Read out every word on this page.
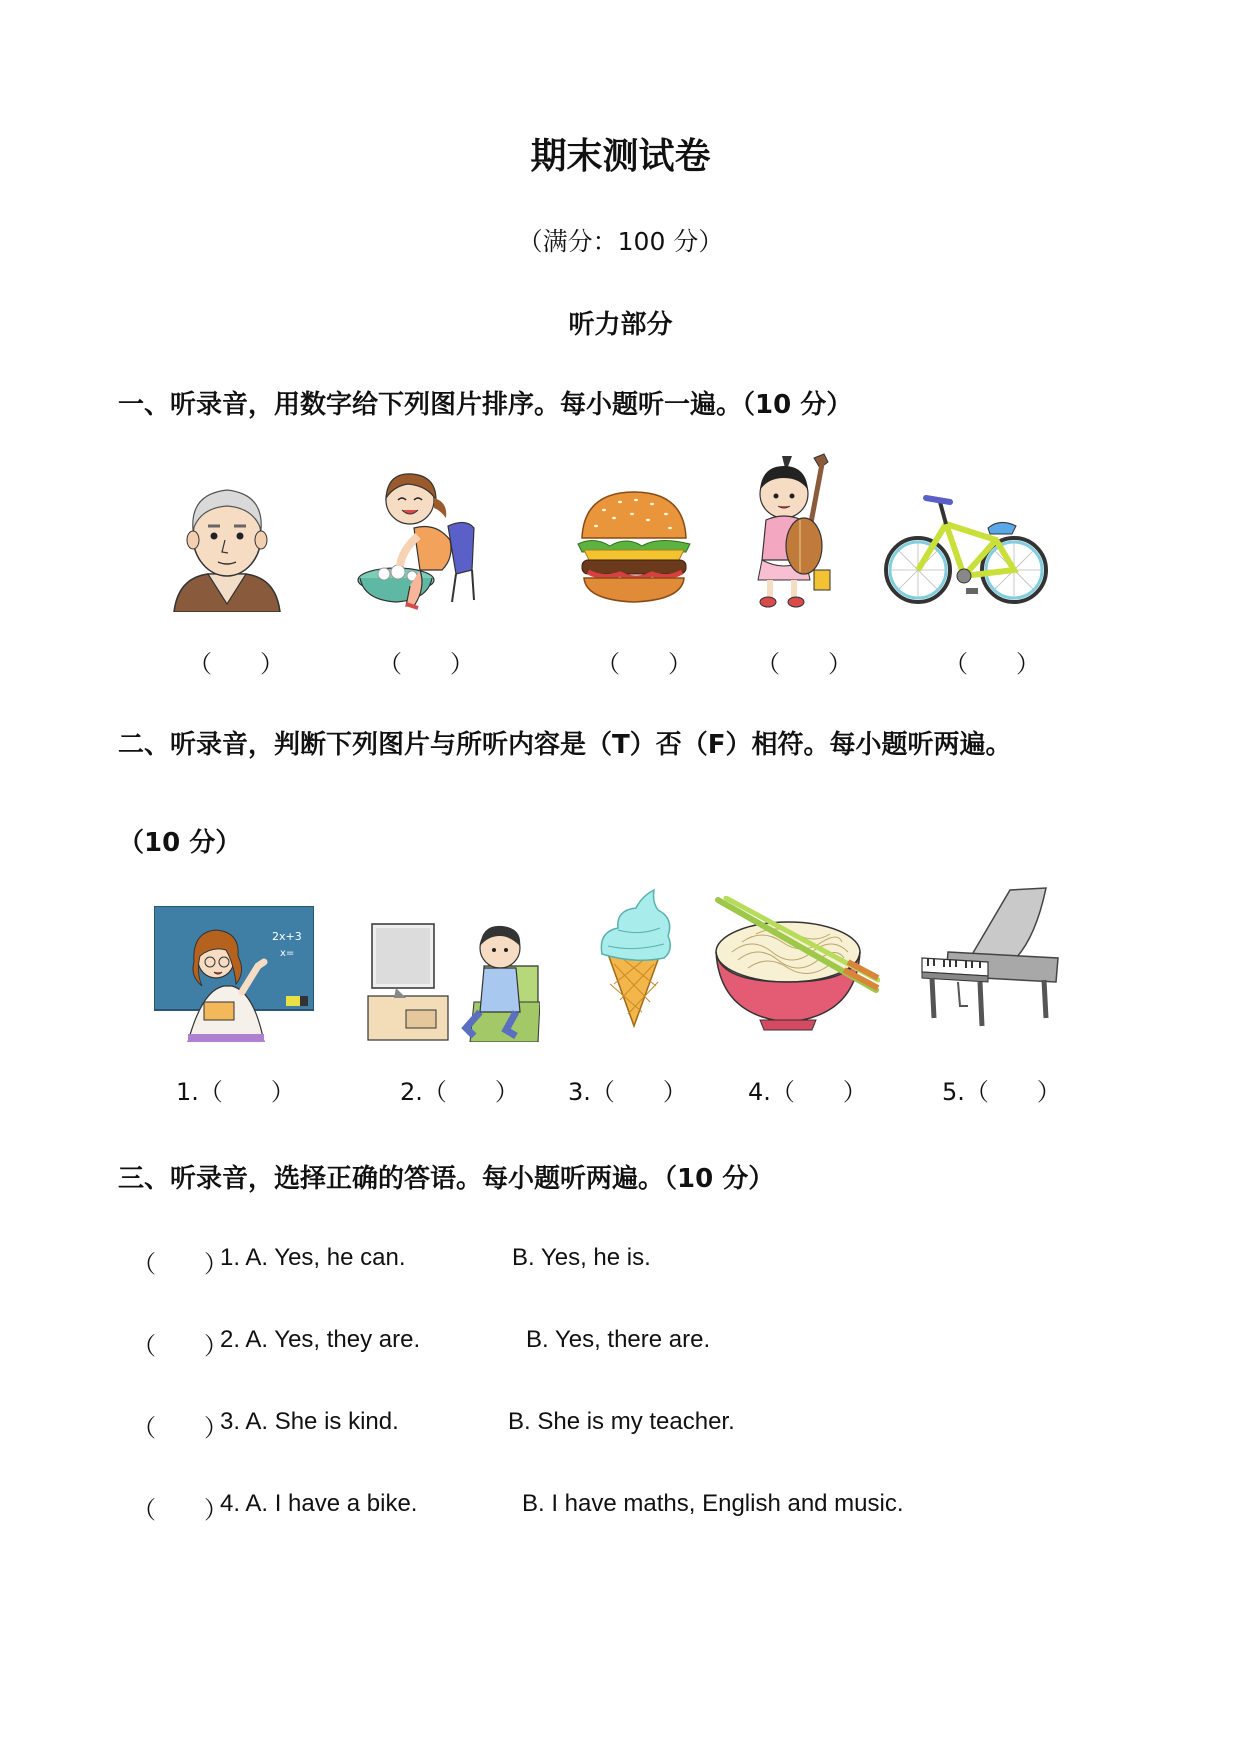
期末测试卷
（满分：100 分）
听力部分
一、听录音，用数字给下列图片排序。每小题听一遍。（10 分）
（　　）	（　　）	（　　）	（　　）	（　　）
二、听录音，判断下列图片与所听内容是（T）否（F）相符。每小题听两遍。
（10 分）
2x+3
x=
1.（　　）	2.（　　） 3.（　　）	4.（　　）	5.（　　）
三、听录音，选择正确的答语。每小题听两遍。（10 分）
（　　）
1. A. Yes, he can.	B. Yes, he is.
（　　）
2. A. Yes, they are.	B. Yes, there are.
（　　）
3. A. She is kind.	B. She is my teacher.
（　　）
4. A. I have a bike.	B. I have maths, English and music.
